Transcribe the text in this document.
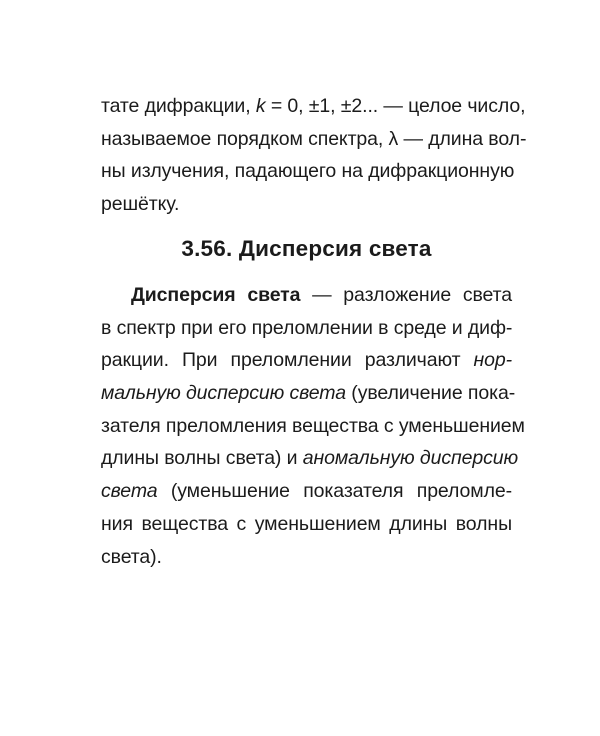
тате дифракции, k = 0, ±1, ±2... — целое число,
называемое порядком спектра, λ — длина вол-
ны излучения, падающего на дифракционную
решётку.
3.56. Дисперсия света
Дисперсия света — разложение света
в спектр при его преломлении в среде и диф-
ракции. При преломлении различают нор-
мальную дисперсию света (увеличение пока-
зателя преломления вещества с уменьшением
длины волны света) и аномальную дисперсию
света (уменьшение показателя преломле-
ния вещества с уменьшением длины волны
света).
